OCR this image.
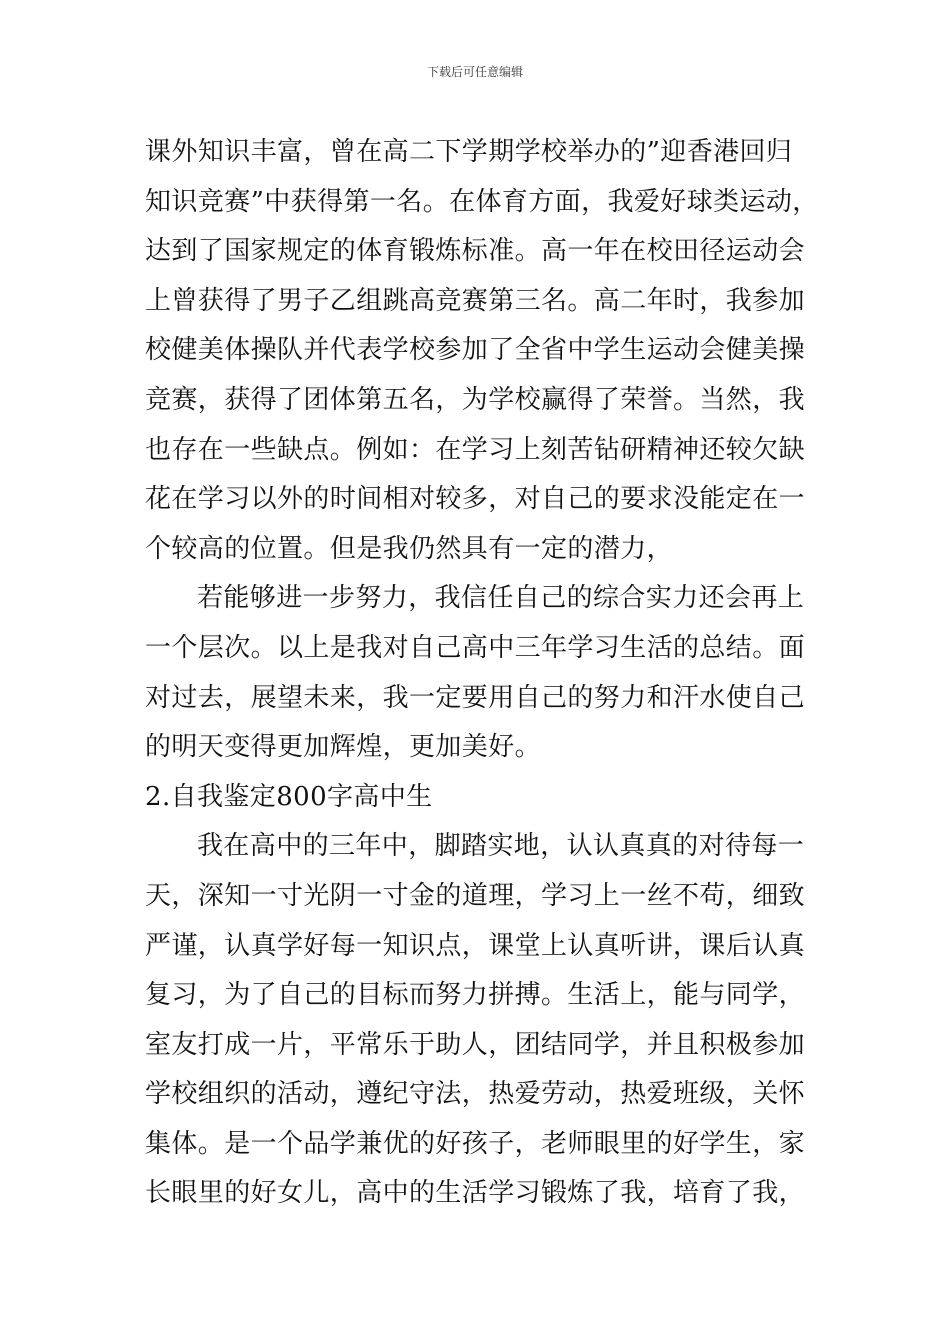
下载后可任意编辑
课外知识丰富，曾在高二下学期学校举办的”迎香港回归
知识竞赛”中获得第一名。在体育方面，我爱好球类运动，
达到了国家规定的体育锻炼标准。高一年在校田径运动会
上曾获得了男子乙组跳高竞赛第三名。高二年时，我参加
校健美体操队并代表学校参加了全省中学生运动会健美操
竞赛，获得了团体第五名，为学校赢得了荣誉。当然，我
也存在一些缺点。例如：在学习上刻苦钻研精神还较欠缺
花在学习以外的时间相对较多，对自己的要求没能定在一
个较高的位置。但是我仍然具有一定的潜力，
若能够进一步努力，我信任自己的综合实力还会再上
一个层次。以上是我对自己高中三年学习生活的总结。面
对过去，展望未来，我一定要用自己的努力和汗水使自己
的明天变得更加辉煌，更加美好。
2.自我鉴定800字高中生
我在高中的三年中，脚踏实地，认认真真的对待每一
天，深知一寸光阴一寸金的道理，学习上一丝不苟，细致
严谨，认真学好每一知识点，课堂上认真听讲，课后认真
复习，为了自己的目标而努力拼搏。生活上，能与同学，
室友打成一片，平常乐于助人，团结同学，并且积极参加
学校组织的活动，遵纪守法，热爱劳动，热爱班级，关怀
集体。是一个品学兼优的好孩子，老师眼里的好学生，家
长眼里的好女儿，高中的生活学习锻炼了我，培育了我，
